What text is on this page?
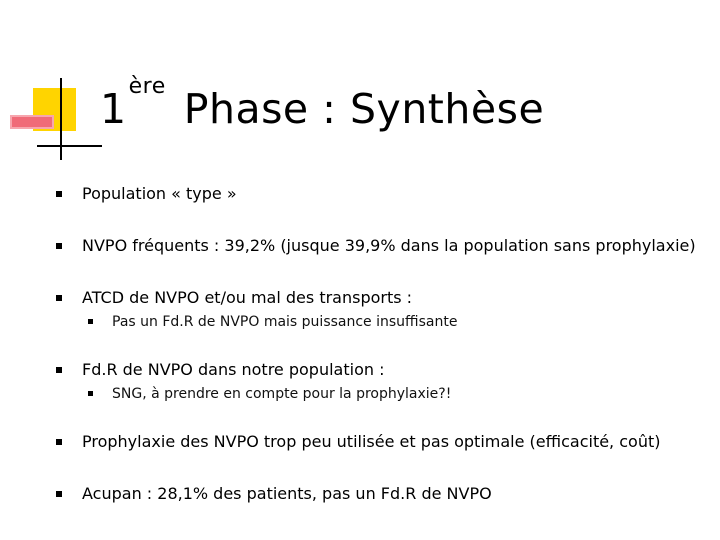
1ère Phase : Synthèse
Population « type »
NVPO fréquents : 39,2% (jusque 39,9% dans la population sans prophylaxie)
ATCD de NVPO et/ou mal des transports :
Pas un Fd.R de NVPO mais puissance insuffisante
Fd.R de NVPO dans notre population :
SNG, à prendre en compte pour la prophylaxie?!
Prophylaxie des NVPO trop peu utilisée et pas optimale (efficacité, coût)
Acupan : 28,1% des patients, pas un Fd.R de NVPO
